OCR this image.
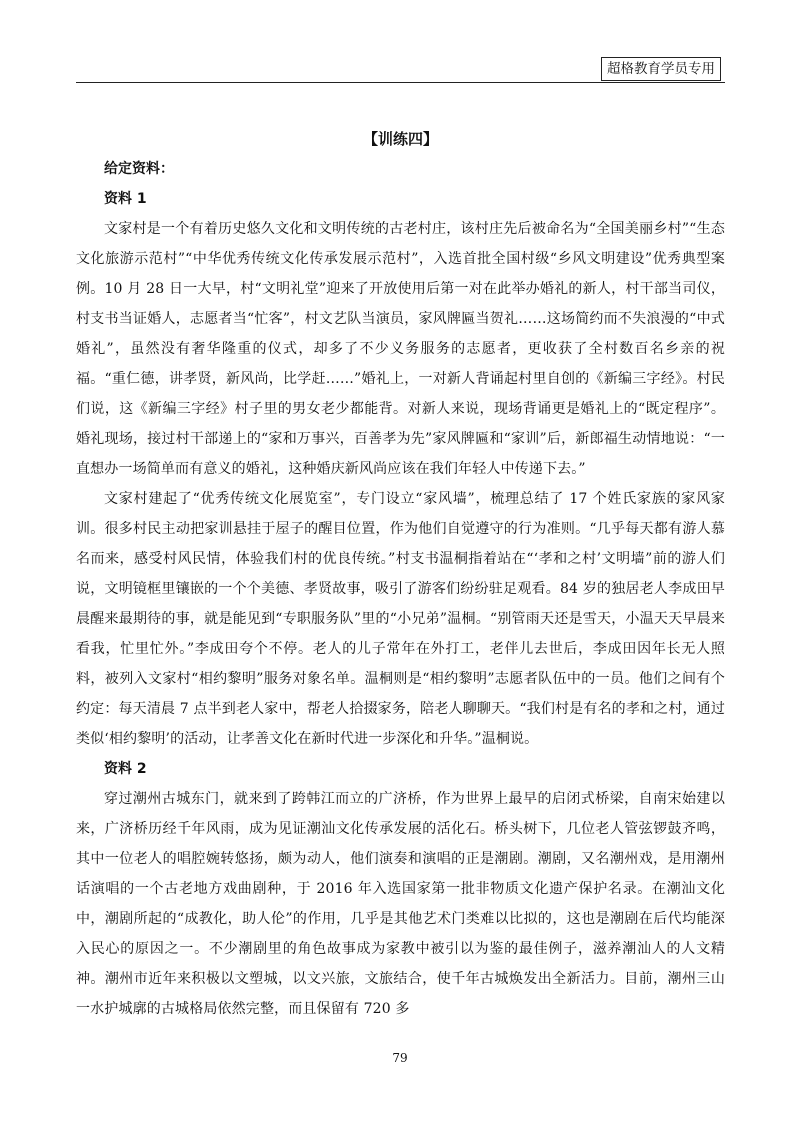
超格教育学员专用

【训练四】

给定资料：

资料 1

文家村是一个有着历史悠久文化和文明传统的古老村庄，该村庄先后被命名为“全国美丽乡村”“生态文化旅游示范村”“中华优秀传统文化传承发展示范村”，入选首批全国村级“乡风文明建设”优秀典型案例。10 月 28 日一大早，村“文明礼堂”迎来了开放使用后第一对在此举办婚礼的新人，村干部当司仪，村支书当证婚人，志愿者当“忙客”，村文艺队当演员，家风牌匾当贺礼……这场简约而不失浪漫的“中式婚礼”，虽然没有奢华隆重的仪式，却多了不少义务服务的志愿者，更收获了全村数百名乡亲的祝福。“重仁德，讲孝贤，新风尚，比学赶……”婚礼上，一对新人背诵起村里自创的《新编三字经》。村民们说，这《新编三字经》村子里的男女老少都能背。对新人来说，现场背诵更是婚礼上的“既定程序”。婚礼现场，接过村干部递上的“家和万事兴，百善孝为先”家风牌匾和“家训”后，新郎福生动情地说：“一直想办一场简单而有意义的婚礼，这种婚庆新风尚应该在我们年轻人中传递下去。”

文家村建起了“优秀传统文化展览室”，专门设立“家风墙”，梳理总结了 17 个姓氏家族的家风家训。很多村民主动把家训悬挂于屋子的醒目位置，作为他们自觉遵守的行为准则。“几乎每天都有游人慕名而来，感受村风民情，体验我们村的优良传统。”村支书温桐指着站在“‘孝和之村’文明墙”前的游人们说，文明镜框里镶嵌的一个个美德、孝贤故事，吸引了游客们纷纷驻足观看。84 岁的独居老人李成田早晨醒来最期待的事，就是能见到“专职服务队”里的“小兄弟”温桐。“别管雨天还是雪天，小温天天早晨来看我，忙里忙外。”李成田夸个不停。老人的儿子常年在外打工，老伴儿去世后，李成田因年长无人照料，被列入文家村“相约黎明”服务对象名单。温桐则是“相约黎明”志愿者队伍中的一员。他们之间有个约定：每天清晨 7 点半到老人家中，帮老人拾掇家务，陪老人聊聊天。“我们村是有名的孝和之村，通过类似‘相约黎明’的活动，让孝善文化在新时代进一步深化和升华。”温桐说。

资料 2

穿过潮州古城东门，就来到了跨韩江而立的广济桥，作为世界上最早的启闭式桥梁，自南宋始建以来，广济桥历经千年风雨，成为见证潮汕文化传承发展的活化石。桥头树下，几位老人管弦锣鼓齐鸣，其中一位老人的唱腔婉转悠扬，颇为动人，他们演奏和演唱的正是潮剧。潮剧，又名潮州戏，是用潮州话演唱的一个古老地方戏曲剧种，于 2016 年入选国家第一批非物质文化遗产保护名录。在潮汕文化中，潮剧所起的“成教化，助人伦”的作用，几乎是其他艺术门类难以比拟的，这也是潮剧在后代均能深入民心的原因之一。不少潮剧里的角色故事成为家教中被引以为鉴的最佳例子，滋养潮汕人的人文精神。潮州市近年来积极以文塑城，以文兴旅，文旅结合，使千年古城焕发出全新活力。目前，潮州三山一水护城廓的古城格局依然完整，而且保留有 720 多

79
